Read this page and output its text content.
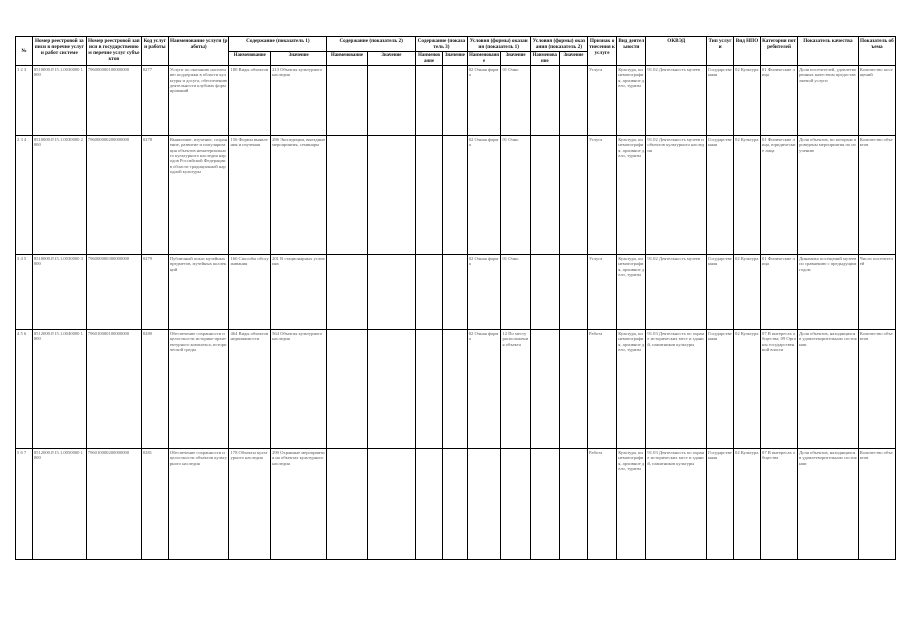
№	Номер реестровой записи в перечне услуг и работ системе	Номер реестровой записи в государственном перечне услуг субъектов	Код услуги работы	Наименование услуги (работы)	Содержание (показатель 1)		Содержание (показатель 2)		Содержание (показатель 3)		Условия (формы) оказания (показатель 1)		Условия (формы) оказания (показатель 2)		Признак отнесения к услуге	Вид деятельности	ОКВЭД	Тип услуги	Вид НПО	Категория потребителей	Показатель качества	Показатель объема
					Наименование	Значение	Наименование	Значение	Наименование	Значение	Наименование	Значение	Наименование	Значение								
1 2 3	8510000.Р.15.1.0030000 1000	796000000100000000	0277	Услуги по оказанию населению поддержки в области культуры и досуга, обеспечению деятельности клубных формирований	180 Виды объектов	213 Объекты культурного наследия					02 Очная форма	01 Очно			Услуга	Культура, кинематография, архивное дело, туризм	91.02 Деятельность музеев	Государственная	02 Культура	01 Физические лица	Доля посетителей, удовлетворенных качеством предоставляемой услуги	Количество посещений
2 3 4	8510000.Р.15.1.0030000 2000	796000000200000000	0278	Выявление, изучение, сохранение, развитие и популяризация объектов нематериального культурного наследия народов Российской Федерации в области традиционной народной культуры	156 Формы выявления и изучения	286 Экспедиции, выездные мероприятия, семинары					02 Очная форма	01 Очно			Услуга	Культура, кинематография, архивное дело, туризм	91.02 Деятельность музеев и объектов культурного наследия	Государственная	02 Культура	01 Физические лица, юридические лица	Доля объектов, по которым проведены мероприятия по изучению	Количество объектов
3 4 5	8510000.Р.15.1.0030000 3000	796000000300000000	0279	Публичный показ музейных предметов, музейных коллекций	160 Способы обслуживания	201 В стационарных условиях					02 Очная форма	01 Очно			Услуга	Культура, кинематография, архивное дело, туризм	91.02 Деятельность музеев	Государственная	02 Культура	01 Физические лица	Динамика посещений музеев по сравнению с предыдущим годом	Число посетителей
4 5 6	8512000.Р.15.1.0040000 1000	796010000100000000	0280	Обеспечение сохранности и целостности историко-архитектурного комплекса, исторической среды	464 Виды объектов недвижимости	564 Объекты культурного наследия					02 Очная форма	12 По месту расположения объекта			Работа	Культура, кинематография, архивное дело, туризм	91.03 Деятельность по охране исторических мест и зданий, памятников культуры	Государственная	02 Культура	07 В интересах общества; 09 Органы государственной власти	Доля объектов, находящихся в удовлетворительном состоянии	Количество объектов
5 6 7	8512000.Р.15.1.0050000 1000	796010000200000000	0281	Обеспечение сохранности и целостности объектов культурного наследия	178 Объекты культурного наследия	290 Охранные мероприятия на объектах культурного наследия									Работа	Культура, кинематография, архивное дело, туризм	91.03 Деятельность по охране исторических мест и зданий, памятников культуры	Государственная	02 Культура	07 В интересах общества	Доля объектов, находящихся в удовлетворительном состоянии	Количество объектов
